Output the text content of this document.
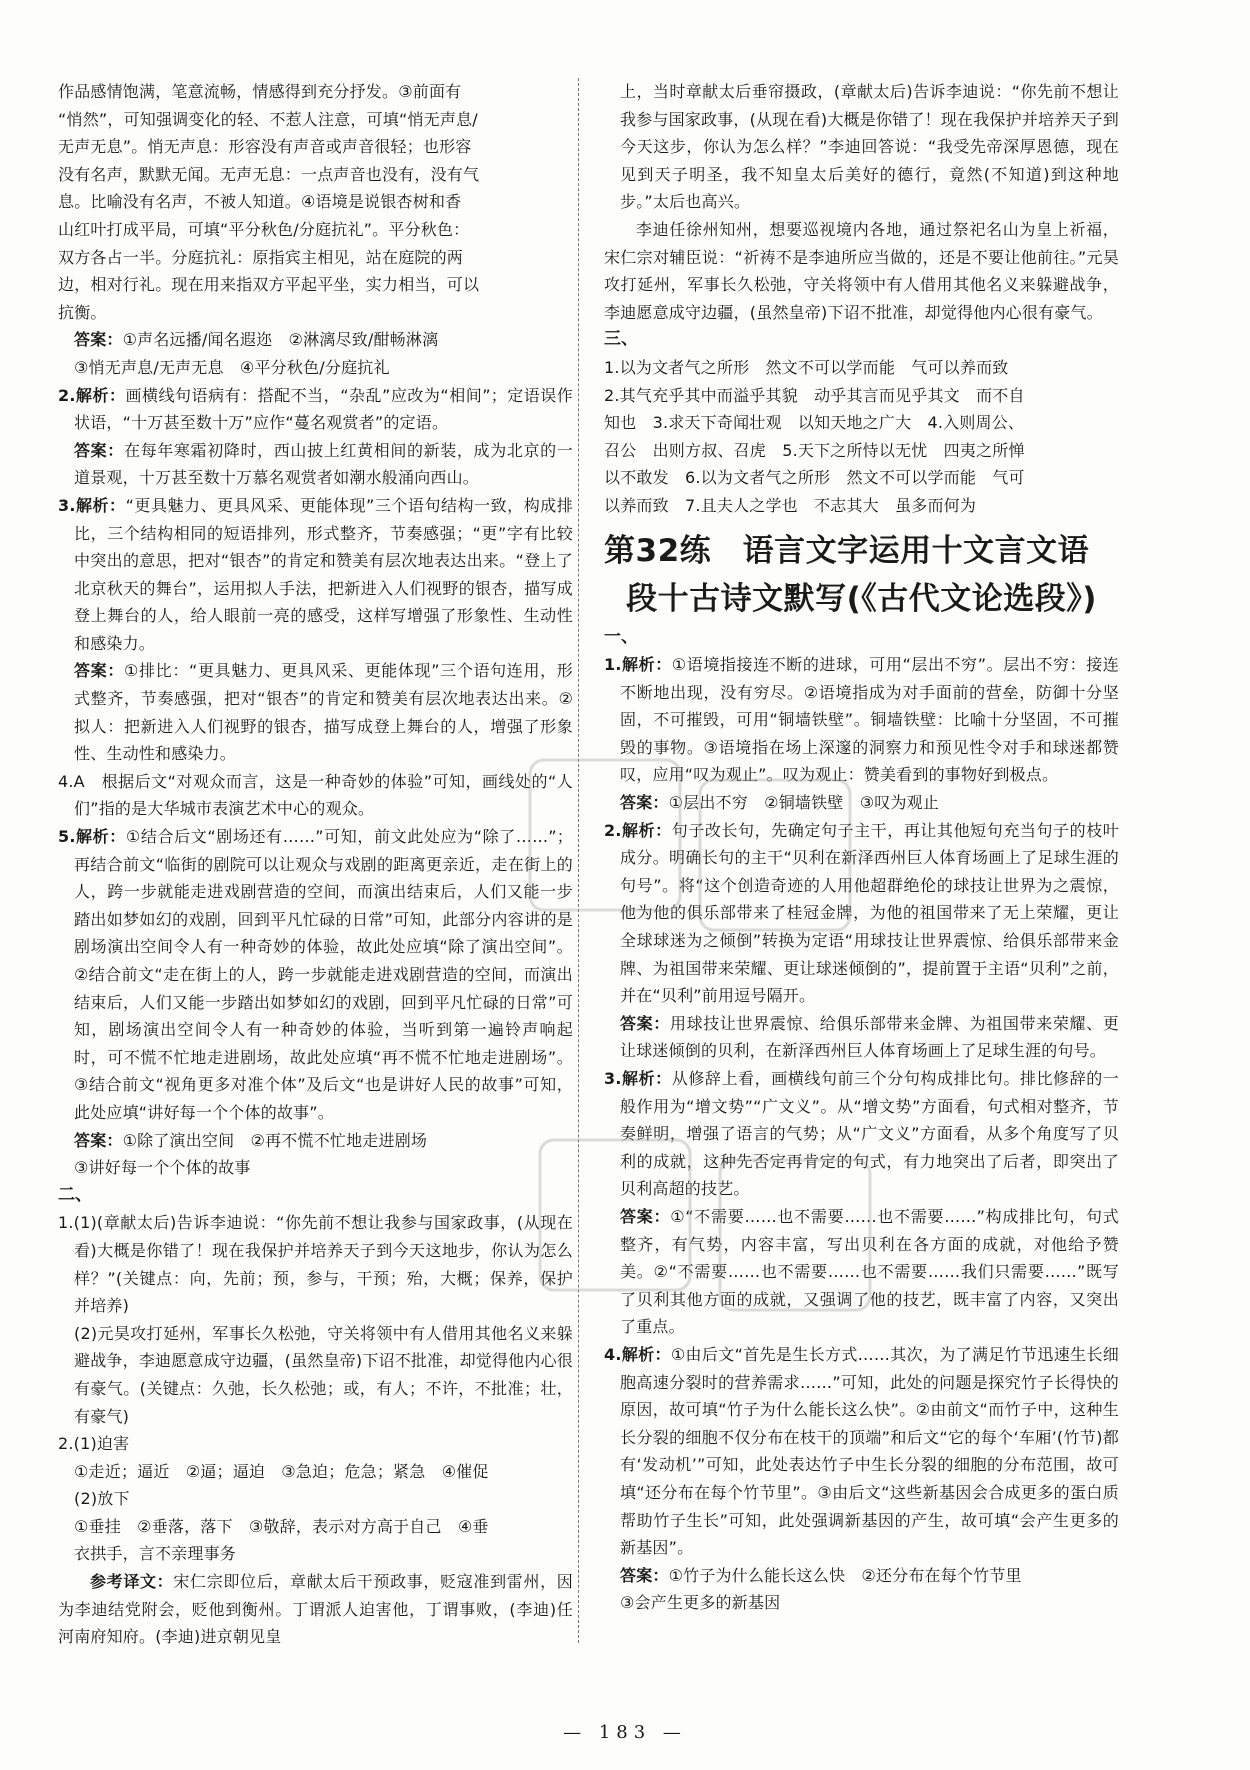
作品感情饱满，笔意流畅，情感得到充分抒发。③前面有

“悄然”，可知强调变化的轻、不惹人注意，可填“悄无声息/

无声无息”。悄无声息：形容没有声音或声音很轻；也形容

没有名声，默默无闻。无声无息：一点声音也没有，没有气

息。比喻没有名声，不被人知道。④语境是说银杏树和香

山红叶打成平局，可填“平分秋色/分庭抗礼”。平分秋色：

双方各占一半。分庭抗礼：原指宾主相见，站在庭院的两

边，相对行礼。现在用来指双方平起平坐，实力相当，可以

抗衡。

答案：①声名远播/闻名遐迩　②淋漓尽致/酣畅淋漓
③悄无声息/无声无息　④平分秋色/分庭抗礼

2.解析：画横线句语病有：搭配不当，“杂乱”应改为“相间”；定语误作状语，“十万甚至数十万”应作“蔓名观赏者”的定语。

答案：在每年寒霜初降时，西山披上红黄相间的新装，成为北京的一道景观，十万甚至数十万慕名观赏者如潮水般涌向西山。

3.解析：“更具魅力、更具风采、更能体现”三个语句结构一致，构成排比，三个结构相同的短语排列，形式整齐，节奏感强；“更”字有比较中突出的意思，把对“银杏”的肯定和赞美有层次地表达出来。“登上了北京秋天的舞台”，运用拟人手法，把新进入人们视野的银杏，描写成登上舞台的人，给人眼前一亮的感受，这样写增强了形象性、生动性和感染力。

答案：①排比：“更具魅力、更具风采、更能体现”三个语句连用，形式整齐，节奏感强，把对“银杏”的肯定和赞美有层次地表达出来。②拟人：把新进入人们视野的银杏，描写成登上舞台的人，增强了形象性、生动性和感染力。

4.A　根据后文“对观众而言，这是一种奇妙的体验”可知，画线处的“人们”指的是大华城市表演艺术中心的观众。

5.解析：①结合后文“剧场还有……”可知，前文此处应为“除了……”；再结合前文“临街的剧院可以让观众与戏剧的距离更亲近，走在街上的人，跨一步就能走进戏剧营造的空间，而演出结束后，人们又能一步踏出如梦如幻的戏剧，回到平凡忙碌的日常”可知，此部分内容讲的是剧场演出空间令人有一种奇妙的体验，故此处应填“除了演出空间”。②结合前文“走在街上的人，跨一步就能走进戏剧营造的空间，而演出结束后，人们又能一步踏出如梦如幻的戏剧，回到平凡忙碌的日常”可知，剧场演出空间令人有一种奇妙的体验，当听到第一遍铃声响起时，可不慌不忙地走进剧场，故此处应填“再不慌不忙地走进剧场”。③结合前文“视角更多对准个体”及后文“也是讲好人民的故事”可知，此处应填“讲好每一个个体的故事”。

答案：①除了演出空间　②再不慌不忙地走进剧场
③讲好每一个个体的故事

二、

1.(1)(章献太后)告诉李迪说：“你先前不想让我参与国家政事，(从现在看)大概是你错了！现在我保护并培养天子到今天这地步，你认为怎么样？”(关键点：向，先前；预，参与，干预；殆，大概；保养，保护并培养)
(2)元昊攻打延州，军事长久松弛，守关将领中有人借用其他名义来躲避战争，李迪愿意成守边疆，(虽然皇帝)下诏不批准，却觉得他内心很有豪气。(关键点：久弛，长久松弛；或，有人；不许，不批准；壮，有豪气)

2.(1)迫害
①走近；逼近　②逼；逼迫　③急迫；危急；紧急　④催促
(2)放下
①垂挂　②垂落，落下　③敬辞，表示对方高于自己　④垂
衣拱手，言不亲理事务

参考译文：宋仁宗即位后，章献太后干预政事，贬寇准到雷州，因为李迪结党附会，贬他到衡州。丁谓派人迫害他，丁谓事败，(李迪)任河南府知府。(李迪)进京朝见皇

上，当时章献太后垂帘摄政，(章献太后)告诉李迪说：“你先前不想让我参与国家政事，(从现在看)大概是你错了！现在我保护并培养天子到今天这步，你认为怎么样？”李迪回答说：“我受先帝深厚恩德，现在见到天子明圣，我不知皇太后美好的德行，竟然(不知道)到这种地步。”太后也高兴。

李迪任徐州知州，想要巡视境内各地，通过祭祀名山为皇上祈福，宋仁宗对辅臣说：“祈祷不是李迪所应当做的，还是不要让他前往。”元昊攻打延州，军事长久松弛，守关将领中有人借用其他名义来躲避战争，李迪愿意成守边疆，(虽然皇帝)下诏不批准，却觉得他内心很有豪气。

三、

1.以为文者气之所形　然文不可以学而能　气可以养而致
2.其气充乎其中而溢乎其貌　动乎其言而见乎其文　而不自
知也　3.求天下奇闻壮观　以知天地之广大　4.入则周公、
召公　出则方叔、召虎　5.天下之所恃以无忧　四夷之所惮
以不敢发　6.以为文者气之所形　然文不可以学而能　气可
以养而致　7.且夫人之学也　不志其大　虽多而何为

第32练　语言文字运用十文言文语
段十古诗文默写(《古代文论选段》)

一、

1.解析：①语境指接连不断的进球，可用“层出不穷”。层出不穷：接连不断地出现，没有穷尽。②语境指成为对手面前的营垒，防御十分坚固，不可摧毁，可用“铜墙铁壁”。铜墙铁壁：比喻十分坚固，不可摧毁的事物。③语境指在场上深邃的洞察力和预见性令对手和球迷都赞叹，应用“叹为观止”。叹为观止：赞美看到的事物好到极点。

答案：①层出不穷　②铜墙铁壁　③叹为观止

2.解析：句子改长句，先确定句子主干，再让其他短句充当句子的枝叶成分。明确长句的主干“贝利在新泽西州巨人体育场画上了足球生涯的句号”。将“这个创造奇迹的人用他超群绝伦的球技让世界为之震惊，他为他的俱乐部带来了桂冠金牌，为他的祖国带来了无上荣耀，更让全球球迷为之倾倒”转换为定语“用球技让世界震惊、给俱乐部带来金牌、为祖国带来荣耀、更让球迷倾倒的”，提前置于主语“贝利”之前，并在“贝利”前用逗号隔开。

答案：用球技让世界震惊、给俱乐部带来金牌、为祖国带来荣耀、更让球迷倾倒的贝利，在新泽西州巨人体育场画上了足球生涯的句号。

3.解析：从修辞上看，画横线句前三个分句构成排比句。排比修辞的一般作用为“增文势”“广文义”。从“增文势”方面看，句式相对整齐，节奏鲜明，增强了语言的气势；从“广文义”方面看，从多个角度写了贝利的成就，这种先否定再肯定的句式，有力地突出了后者，即突出了贝利高超的技艺。

答案：①“不需要……也不需要……也不需要……”构成排比句，句式整齐，有气势，内容丰富，写出贝利在各方面的成就，对他给予赞美。②“不需要……也不需要……也不需要……我们只需要……”既写了贝利其他方面的成就，又强调了他的技艺，既丰富了内容，又突出了重点。

4.解析：①由后文“首先是生长方式……其次，为了满足竹节迅速生长细胞高速分裂时的营养需求……”可知，此处的问题是探究竹子长得快的原因，故可填“竹子为什么能长这么快”。②由前文“而竹子中，这种生长分裂的细胞不仅分布在枝干的顶端”和后文“它的每个‘车厢’(竹节)都有‘发动机’”可知，此处表达竹子中生长分裂的细胞的分布范围，故可填“还分布在每个竹节里”。③由后文“这些新基因会合成更多的蛋白质帮助竹子生长”可知，此处强调新基因的产生，故可填“会产生更多的新基因”。

答案：①竹子为什么能长这么快　②还分布在每个竹节里
③会产生更多的新基因

— 183 —
